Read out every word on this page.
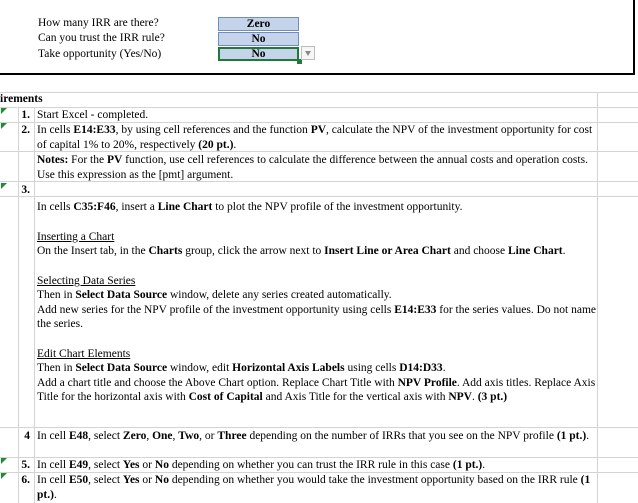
How many IRR are there?
Can you trust the IRR rule?
Take opportunity (Yes/No)
Zero
No
No
irements
1. Start Excel - completed.
2. In cells E14:E33, by using cell references and the function PV, calculate the NPV of the investment opportunity for cost of capital 1% to 20%, respectively (20 pt.).
Notes: For the PV function, use cell references to calculate the difference between the annual costs and operation costs. Use this expression as the [pmt] argument.
3.

In cells C35:F46, insert a Line Chart to plot the NPV profile of the investment opportunity.

Inserting a Chart

On the Insert tab, in the Charts group, click the arrow next to Insert Line or Area Chart and choose Line Chart.

Selecting Data Series

Then in Select Data Source window, delete any series created automatically.

Add new series for the NPV profile of the investment opportunity using cells E14:E33 for the series values. Do not name the series.

Edit Chart Elements

Then in Select Data Source window, edit Horizontal Axis Labels using cells D14:D33.

Add a chart title and choose the Above Chart option. Replace Chart Title with NPV Profile. Add axis titles. Replace Axis Title for the horizontal axis with Cost of Capital and Axis Title for the vertical axis with NPV. (3 pt.)

4 In cell E48, select Zero, One, Two, or Three depending on the number of IRRs that you see on the NPV profile (1 pt.).
5. In cell E49, select Yes or No depending on whether you can trust the IRR rule in this case (1 pt.).
6. In cell E50, select Yes or No depending on whether you would take the investment opportunity based on the IRR rule (1 pt.).
